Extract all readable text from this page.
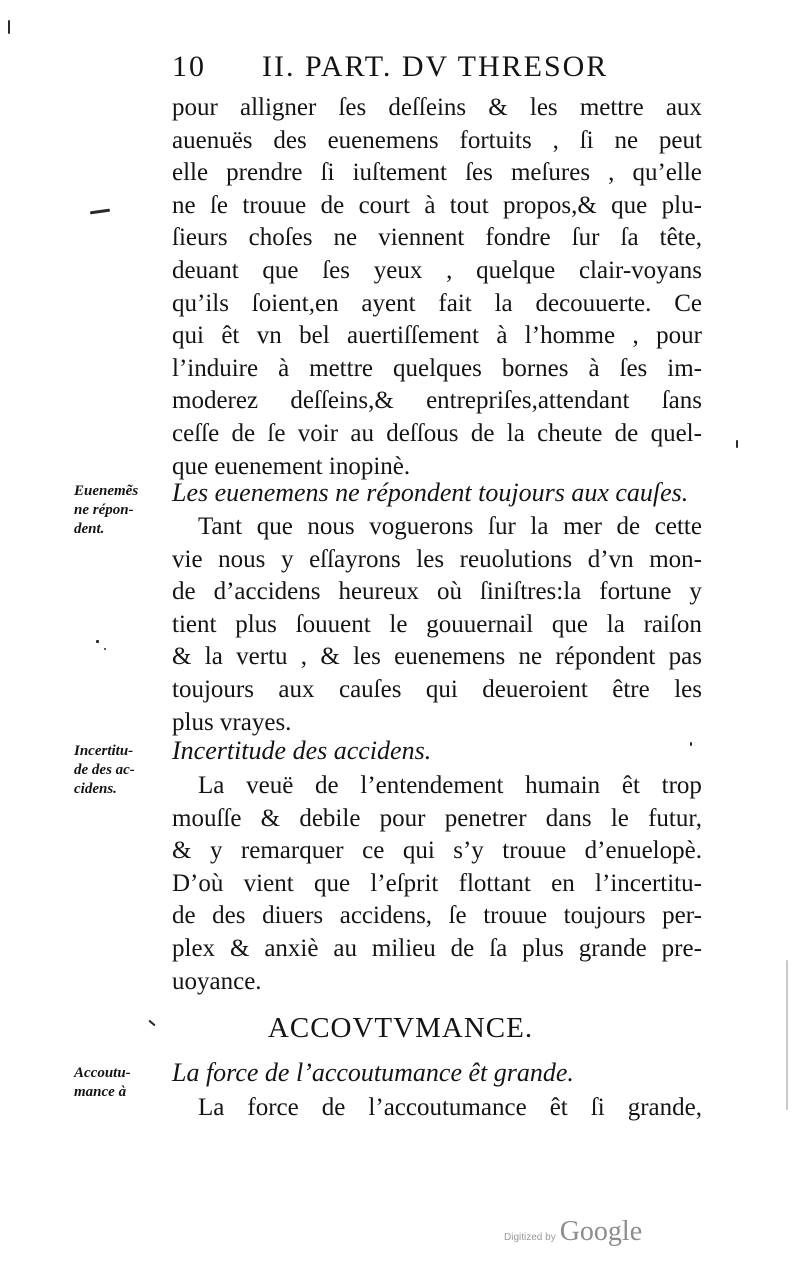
10 II. PART. DV THRESOR
pour alligner ſes deſſeins & les mettre aux
auenuës des euenemens fortuits , ſi ne peut
elle prendre ſi iuſtement ſes meſures , qu’elle
ne ſe trouue de court à tout propos,& que plu-
ſieurs choſes ne viennent fondre ſur ſa tête,
deuant que ſes yeux , quelque clair-voyans
qu’ils ſoient,en ayent fait la decouuerte. Ce
qui êt vn bel auertiſſement à l’homme , pour
l’induire à mettre quelques bornes à ſes im-
moderez deſſeins,& entrepriſes,attendant ſans
ceſſe de ſe voir au deſſous de la cheute de quel-
que euenement inopinè.
Les euenemens ne répondent toujours aux cauſes.
Euenemẽs
ne répon-
dent.	Tant que nous voguerons ſur la mer de cette
vie nous y eſſayrons les reuolutions d’vn mon-
de d’accidens heureux où ſiniſtres:la fortune y
tient plus ſouuent le gouuernail que la raiſon
& la vertu , & les euenemens ne répondent pas
toujours aux cauſes qui deueroient être les
plus vrayes.
Incertitude des accidens.
Incertitu-
de des ac-
cidens.	La veuë de l’entendement humain êt trop
mouſſe & debile pour penetrer dans le futur,
& y remarquer ce qui s’y trouue d’enuelopè.
D’où vient que l’eſprit flottant en l’incertitu-
de des diuers accidens, ſe trouue toujours per-
plex & anxiè au milieu de ſa plus grande pre-
uoyance.
ACCOVTVMANCE.
La force de l’accoutumance êt grande.
Accoutu-
mance à
La force de l’accoutumance êt ſi grande,
Digitized by Google
